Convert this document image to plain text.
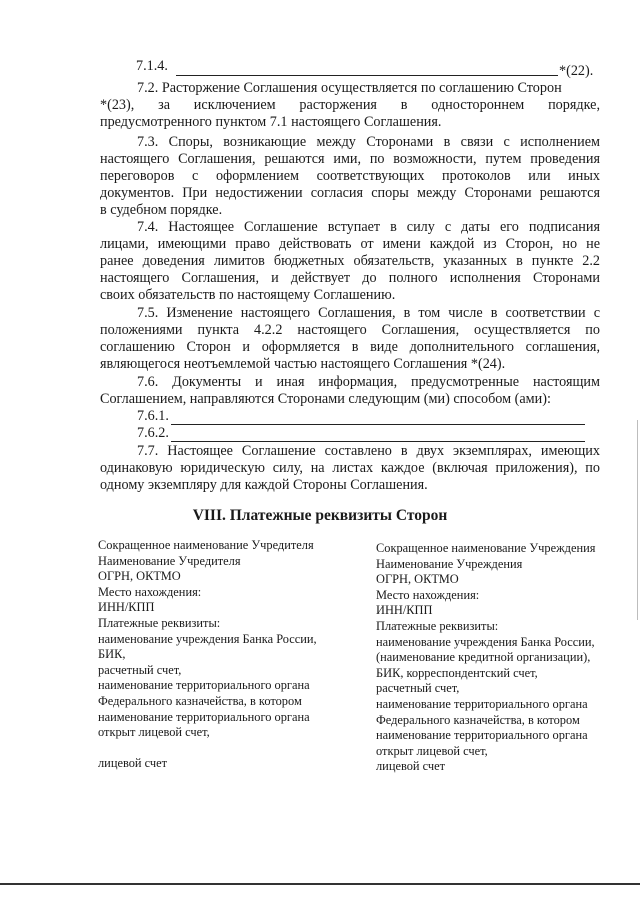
7.1.4.	*(22).
7.2. Расторжение Соглашения осуществляется по соглашению Сторон
*(23), за исключением расторжения в одностороннем порядке,
предусмотренного пунктом 7.1 настоящего Соглашения.
7.3. Споры, возникающие между Сторонами в связи с исполнением
настоящего Соглашения, решаются ими, по возможности, путем проведения
переговоров с оформлением соответствующих протоколов или иных
документов. При недостижении согласия споры между Сторонами решаются
в судебном порядке.
7.4. Настоящее Соглашение вступает в силу с даты его подписания
лицами, имеющими право действовать от имени каждой из Сторон, но не
ранее доведения лимитов бюджетных обязательств, указанных в пункте 2.2
настоящего Соглашения, и действует до полного исполнения Сторонами
своих обязательств по настоящему Соглашению.
7.5. Изменение настоящего Соглашения, в том числе в соответствии с
положениями пункта 4.2.2 настоящего Соглашения, осуществляется по
соглашению Сторон и оформляется в виде дополнительного соглашения,
являющегося неотъемлемой частью настоящего Соглашения *(24).
7.6. Документы и иная информация, предусмотренные настоящим
Соглашением, направляются Сторонами следующим (ми) способом (ами):
7.6.1.
7.6.2.
7.7. Настоящее Соглашение составлено в двух экземплярах, имеющих
одинаковую юридическую силу, на листах каждое (включая приложения), по
одному экземпляру для каждой Стороны Соглашения.
VIII. Платежные реквизиты Сторон
Сокращенное наименование Учредителя
Наименование Учредителя
ОГРН, ОКТМО
Место нахождения:
ИНН/КПП
Платежные реквизиты:
наименование учреждения Банка России,
БИК,
расчетный счет,
наименование территориального органа
Федерального казначейства, в котором
наименование территориального органа
открыт лицевой счет,
лицевой счет
Сокращенное наименование Учреждения
Наименование Учреждения
ОГРН, ОКТМО
Место нахождения:
ИНН/КПП
Платежные реквизиты:
наименование учреждения Банка России,
(наименование кредитной организации),
БИК, корреспондентский счет,
расчетный счет,
наименование территориального органа
Федерального казначейства, в котором
наименование территориального органа
открыт лицевой счет,
лицевой счет
